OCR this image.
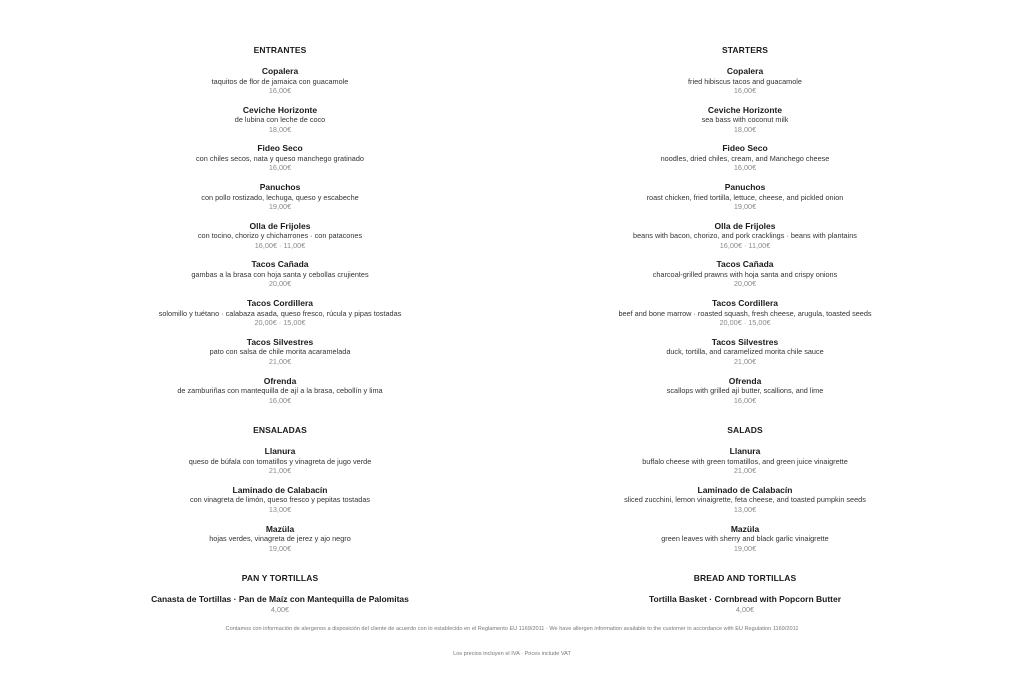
ENTRANTES
Copalera
taquitos de flor de jamaica con guacamole
16,00€
Ceviche Horizonte
de lubina con leche de coco
18,00€
Fideo Seco
con chiles secos, nata y queso manchego gratinado
16,00€
Panuchos
con pollo rostizado, lechuga, queso y escabeche
19,00€
Olla de Frijoles
con tocino, chorizo y chicharrones · con patacones
16,00€ · 11,00€
Tacos Cañada
gambas a la brasa con hoja santa y cebollas crujientes
20,00€
Tacos Cordillera
solomillo y tuétano · calabaza asada, queso fresco, rúcula y pipas tostadas
20,00€ · 15,00€
Tacos Silvestres
pato con salsa de chile morita acaramelada
21,00€
Ofrenda
de zamburiñas con mantequilla de ají a la brasa, cebollín y lima
16,00€
ENSALADAS
Llanura
queso de búfala con tomatillos y vinagreta de jugo verde
21,00€
Laminado de Calabacín
con vinagreta de limón, queso fresco y pepitas tostadas
13,00€
Mazüla
hojas verdes, vinagreta de jerez y ajo negro
19,00€
PAN Y TORTILLAS
Canasta de Tortillas · Pan de Maíz con Mantequilla de Palomitas
4,00€
STARTERS
Copalera
fried hibiscus tacos and guacamole
16,00€
Ceviche Horizonte
sea bass with coconut milk
18,00€
Fideo Seco
noodles, dried chiles, cream, and Manchego cheese
16,00€
Panuchos
roast chicken, fried tortilla, lettuce, cheese, and pickled onion
19,00€
Olla de Frijoles
beans with bacon, chorizo, and pork cracklings · beans with plantains
16,00€ · 11,00€
Tacos Cañada
charcoal-grilled prawns with hoja santa and crispy onions
20,00€
Tacos Cordillera
beef and bone marrow · roasted squash, fresh cheese, arugula, toasted seeds
20,00€ · 15,00€
Tacos Silvestres
duck, tortilla, and caramelized morita chile sauce
21,00€
Ofrenda
scallops with grilled ají butter, scallions, and lime
16,00€
SALADS
Llanura
buffalo cheese with green tomatillos, and green juice vinaigrette
21,00€
Laminado de Calabacín
sliced zucchini, lemon vinaigrette, feta cheese, and toasted pumpkin seeds
13,00€
Mazüla
green leaves with sherry and black garlic vinaigrette
19,00€
BREAD AND TORTILLAS
Tortilla Basket · Cornbread with Popcorn Butter
4,00€
Contamos con información de alergenos a disposición del cliente de acuerdo con lo establecido en el Reglamento EU 1169/2011 · We have allergen information available to the customer in accordance with EU Regulation 1169/2011
Los precios incluyen el IVA · Prices include VAT
